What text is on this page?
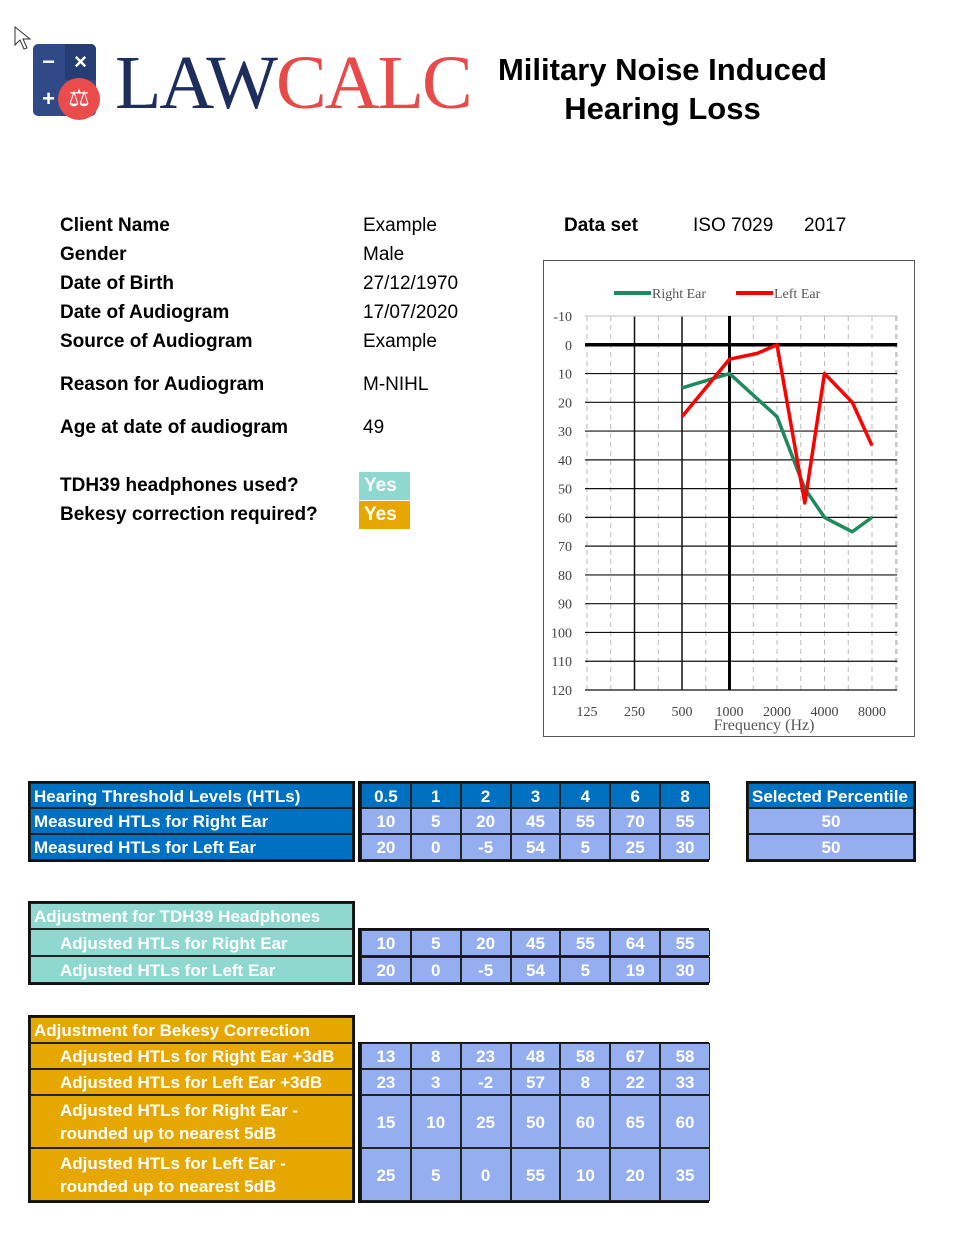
− ×
+ ⚖ LAWCALC Military Noise Induced
Hearing Loss
Client Name	Example
Gender	Male
Date of Birth	27/12/1970
Date of Audiogram	17/07/2020
Source of Audiogram	Example
Reason for Audiogram	M-NIHL
Age at date of audiogram	49
TDH39 headphones used?	Yes
Bekesy correction required? Yes
Data set	ISO 7029 2017
-10
0
10
20
30
40
50
60
70
80
90
100
110
120
125 250 500 1000 2000 4000 8000
Frequency (Hz)
Right Ear	Left Ear
Hearing Threshold Levels (HTLs)	0.5	1	2	3	4	6	8
Measured HTLs for Right Ear	10	5	20	45	55	70	55
Measured HTLs for Left Ear	20	0	-5	54	5	25	30
Selected Percentile
50
50
Adjustment for TDH39 Headphones
Adjusted HTLs for Right Ear	10	5	20	45	55	64	55
Adjusted HTLs for Left Ear	20	0	-5	54	5	19	30
Adjustment for Bekesy Correction
Adjusted HTLs for Right Ear +3dB	13	8	23	48	58	67	58
Adjusted HTLs for Left Ear +3dB	23	3	-2	57	8	22	33
Adjusted HTLs for Right Ear -
rounded up to nearest 5dB
15	10	25	50	60	65	60
Adjusted HTLs for Left Ear -
rounded up to nearest 5dB
25	5	0	55	10	20	35
